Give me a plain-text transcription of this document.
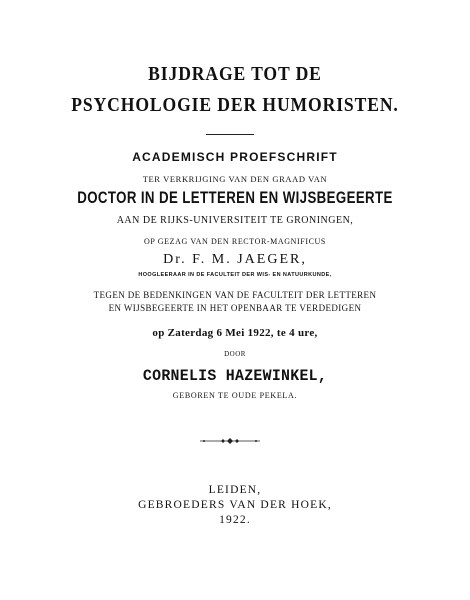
BIJDRAGE TOT DE
PSYCHOLOGIE DER HUMORISTEN.
ACADEMISCH PROEFSCHRIFT
TER VERKRIJGING VAN DEN GRAAD VAN
DOCTOR IN DE LETTEREN EN WIJSBEGEERTE
AAN DE RIJKS-UNIVERSITEIT TE GRONINGEN,
OP GEZAG VAN DEN RECTOR-MAGNIFICUS
Dr. F. M. JAEGER,
HOOGLEERAAR IN DE FACULTEIT DER WIS- EN NATUURKUNDE,
TEGEN DE BEDENKINGEN VAN DE FACULTEIT DER LETTEREN
EN WIJSBEGEERTE IN HET OPENBAAR TE VERDEDIGEN
op Zaterdag 6 Mei 1922, te 4 ure,
DOOR
CORNELIS HAZEWINKEL,
GEBOREN TE OUDE PEKELA.
LEIDEN,
GEBROEDERS VAN DER HOEK,
1922.
